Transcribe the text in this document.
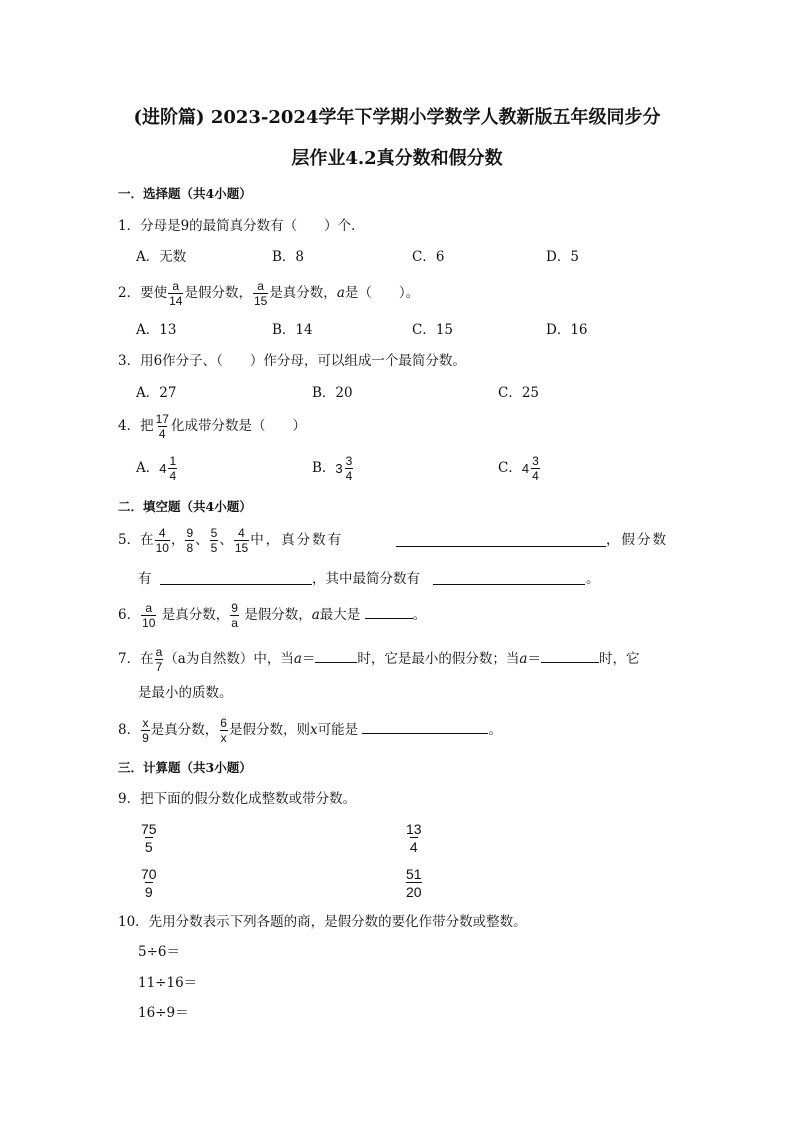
(进阶篇) 2023-2024学年下学期小学数学人教新版五年级同步分
层作业4.2真分数和假分数
一．选择题（共4小题）
1．分母是9的最简真分数有（　　）个．
A．无数	B．8	C．6	D．5
2．要使 $\frac{a}{14}$ 是假分数， $\frac{a}{15}$ 是真分数，a是（　　）。
A．13	B．14	C．15	D．16
3．用6作分子、（　　）作分母，可以组成一个最简分数。
A．27	B．20	C．25
4．把 $\frac{17}{4}$ 化成带分数是（　　）
A． $4 \frac{1}{4}$	B． $3 \frac{3}{4}$	C． $4 \frac{3}{4}$
二．填空题（共4小题）
5．在 $\frac{4}{10}$ ， $\frac{9}{8}$ 、 $\frac{5}{5}$ 、 $\frac{4}{15}$ 中，真分数有	，假分数
有	，其中最简分数有	。
6． $\frac{a}{10}$ 是真分数， $\frac{9}{a}$ 是假分数，a最大是	。
7．在 $\frac{a}{7} (a$为自然数）中，当a＝	时，它是最小的假分数；当a＝	时，它
是最小的质数。
8． $\frac{x}{9}$ 是真分数， $\frac{6}{x}$ 是假分数，则x可能是	。
三．计算题（共3小题）
9．把下面的假分数化成整数或带分数。
$\frac{75}{5}$	$\frac{13}{4}$
$\frac{70}{9}$	$\frac{51}{20}$
10．先用分数表示下列各题的商，是假分数的要化作带分数或整数。
5÷6＝
11÷16＝
16÷9＝
